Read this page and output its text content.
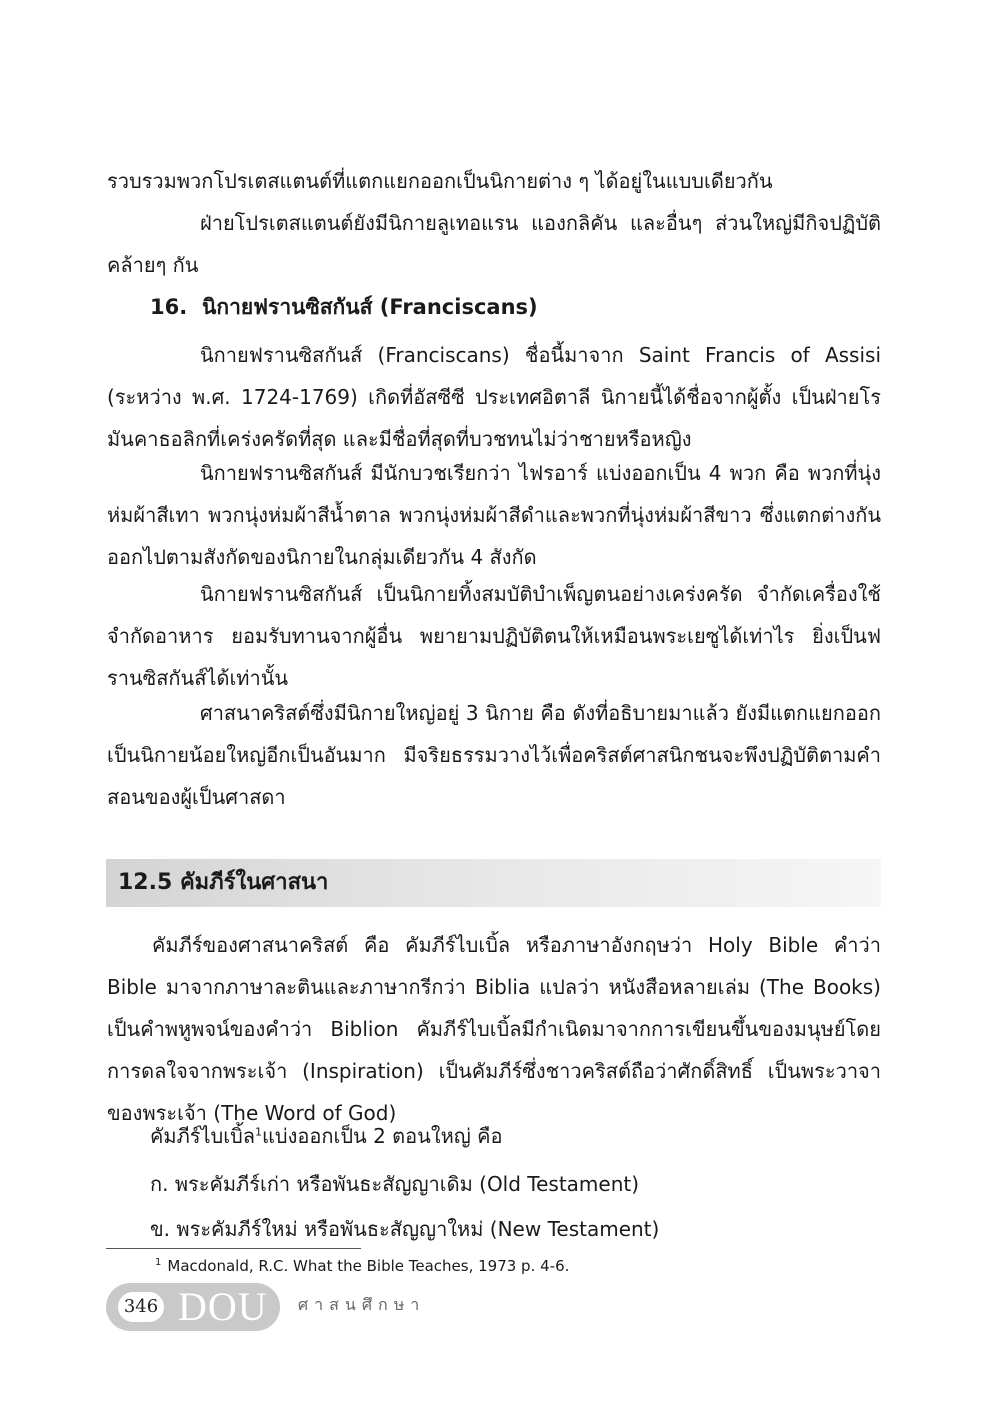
รวบรวมพวกโปรเตสแตนต์ที่แตกแยกออกเป็นนิกายต่าง ๆ ได้อยู่ในแบบเดียวกัน

ฝ่ายโปรเตสแตนต์ยังมีนิกายลูเทอแรน แองกลิคัน และอื่นๆ ส่วนใหญ่มีกิจปฏิบัติคล้ายๆ กัน

16. นิกายฟรานซิสกันส์ (Franciscans)

นิกายฟรานซิสกันส์ (Franciscans) ชื่อนี้มาจาก Saint Francis of Assisi (ระหว่าง พ.ศ. 1724-1769) เกิดที่อัสซีซี ประเทศอิตาลี นิกายนี้ได้ชื่อจากผู้ตั้ง เป็นฝ่ายโรมันคาธอลิกที่เคร่งครัดที่สุด และมีชื่อที่สุดที่บวชทนไม่ว่าชายหรือหญิง

นิกายฟรานซิสกันส์ มีนักบวชเรียกว่า ไฟรอาร์ แบ่งออกเป็น 4 พวก คือ พวกที่นุ่งห่มผ้าสีเทา พวกนุ่งห่มผ้าสีน้ำตาล พวกนุ่งห่มผ้าสีดำและพวกที่นุ่งห่มผ้าสีขาว ซึ่งแตกต่างกันออกไปตามสังกัดของนิกายในกลุ่มเดียวกัน 4 สังกัด

นิกายฟรานซิสกันส์ เป็นนิกายทิ้งสมบัติบำเพ็ญตนอย่างเคร่งครัด จำกัดเครื่องใช้จำกัดอาหาร ยอมรับทานจากผู้อื่น พยายามปฏิบัติตนให้เหมือนพระเยซูได้เท่าไร ยิ่งเป็นฟรานซิสกันส์ได้เท่านั้น

ศาสนาคริสต์ซึ่งมีนิกายใหญ่อยู่ 3 นิกาย คือ ดังที่อธิบายมาแล้ว ยังมีแตกแยกออกเป็นนิกายน้อยใหญ่อีกเป็นอันมาก มีจริยธรรมวางไว้เพื่อคริสต์ศาสนิกชนจะพึงปฏิบัติตามคำสอนของผู้เป็นศาสดา

12.5 คัมภีร์ในศาสนา

คัมภีร์ของศาสนาคริสต์ คือ คัมภีร์ไบเบิ้ล หรือภาษาอังกฤษว่า Holy Bible คำว่า Bible มาจากภาษาละตินและภาษากรีกว่า Biblia แปลว่า หนังสือหลายเล่ม (The Books) เป็นคำพหูพจน์ของคำว่า Biblion คัมภีร์ไบเบิ้ลมีกำเนิดมาจากการเขียนขึ้นของมนุษย์โดยการดลใจจากพระเจ้า (Inspiration) เป็นคัมภีร์ซึ่งชาวคริสต์ถือว่าศักดิ์สิทธิ์ เป็นพระวาจาของพระเจ้า (The Word of God)

คัมภีร์ไบเบิ้ล$^1$แบ่งออกเป็น 2 ตอนใหญ่ คือ

ก. พระคัมภีร์เก่า หรือพันธะสัญญาเดิม (Old Testament)

ข. พระคัมภีร์ใหม่ หรือพันธะสัญญาใหม่ (New Testament)

$^1$ Macdonald, R.C. What the Bible Teaches, 1973 p. 4-6.

346 DOU ศาสนศึกษา
